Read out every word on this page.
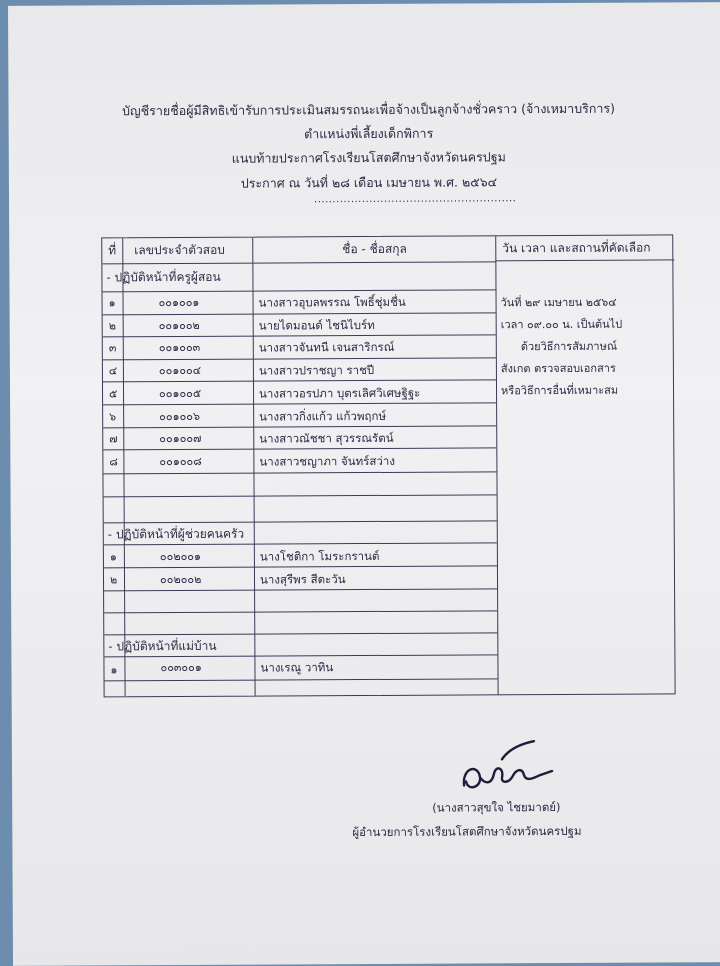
บัญชีรายชื่อผู้มีสิทธิเข้ารับการประเมินสมรรถนะเพื่อจ้างเป็นลูกจ้างชั่วคราว (จ้างเหมาบริการ)
ตำแหน่งพี่เลี้ยงเด็กพิการ
แนบท้ายประกาศโรงเรียนโสตศึกษาจังหวัดนครปฐม
ประกาศ ณ วันที่ ๒๘ เดือน เมษายน พ.ศ. ๒๕๖๔
.......................................................
ที่ เลขประจำตัวสอบ	ชื่อ - ชื่อสกุล	วัน เวลา และสถานที่คัดเลือก
- ปฏิบัติหน้าที่ครูผู้สอน
๑	๐๐๑๐๐๑	นางสาวอุบลพรรณ โพธิ์ชุ่มชื่น
๒	๐๐๑๐๐๒	นายไดมอนด์ ไชนิไบร์ท
๓	๐๐๑๐๐๓	นางสาวจันทนี เจนสาริกรณ์
๔	๐๐๑๐๐๔	นางสาวปราชญา ราชปี
๕	๐๐๑๐๐๕	นางสาวอรปภา บุตรเลิศวิเศษฐิฐะ
๖	๐๐๑๐๐๖	นางสาวกิ่งแก้ว แก้วพฤกษ์
๗	๐๐๑๐๐๗	นางสาวณัชชา สุวรรณรัตน์
๘	๐๐๑๐๐๘	นางสาวชญาภา จันทร์สว่าง
- ปฏิบัติหน้าที่ผู้ช่วยคนครัว
๑	๐๐๒๐๐๑	นางโชติกา โมระกรานต์
๒	๐๐๒๐๐๒	นางสุรีพร สีตะวัน
- ปฏิบัติหน้าที่แม่บ้าน
๑	๐๐๓๐๐๑	นางเรณู วาทิน
วันที่ ๒๙ เมษายน ๒๕๖๔
เวลา ๐๙.๐๐ น. เป็นต้นไป
ด้วยวิธีการสัมภาษณ์
สังเกต ตรวจสอบเอกสาร
หรือวิธีการอื่นที่เหมาะสม
(นางสาวสุขใจ ไชยมาตย์)
ผู้อำนวยการโรงเรียนโสตศึกษาจังหวัดนครปฐม
